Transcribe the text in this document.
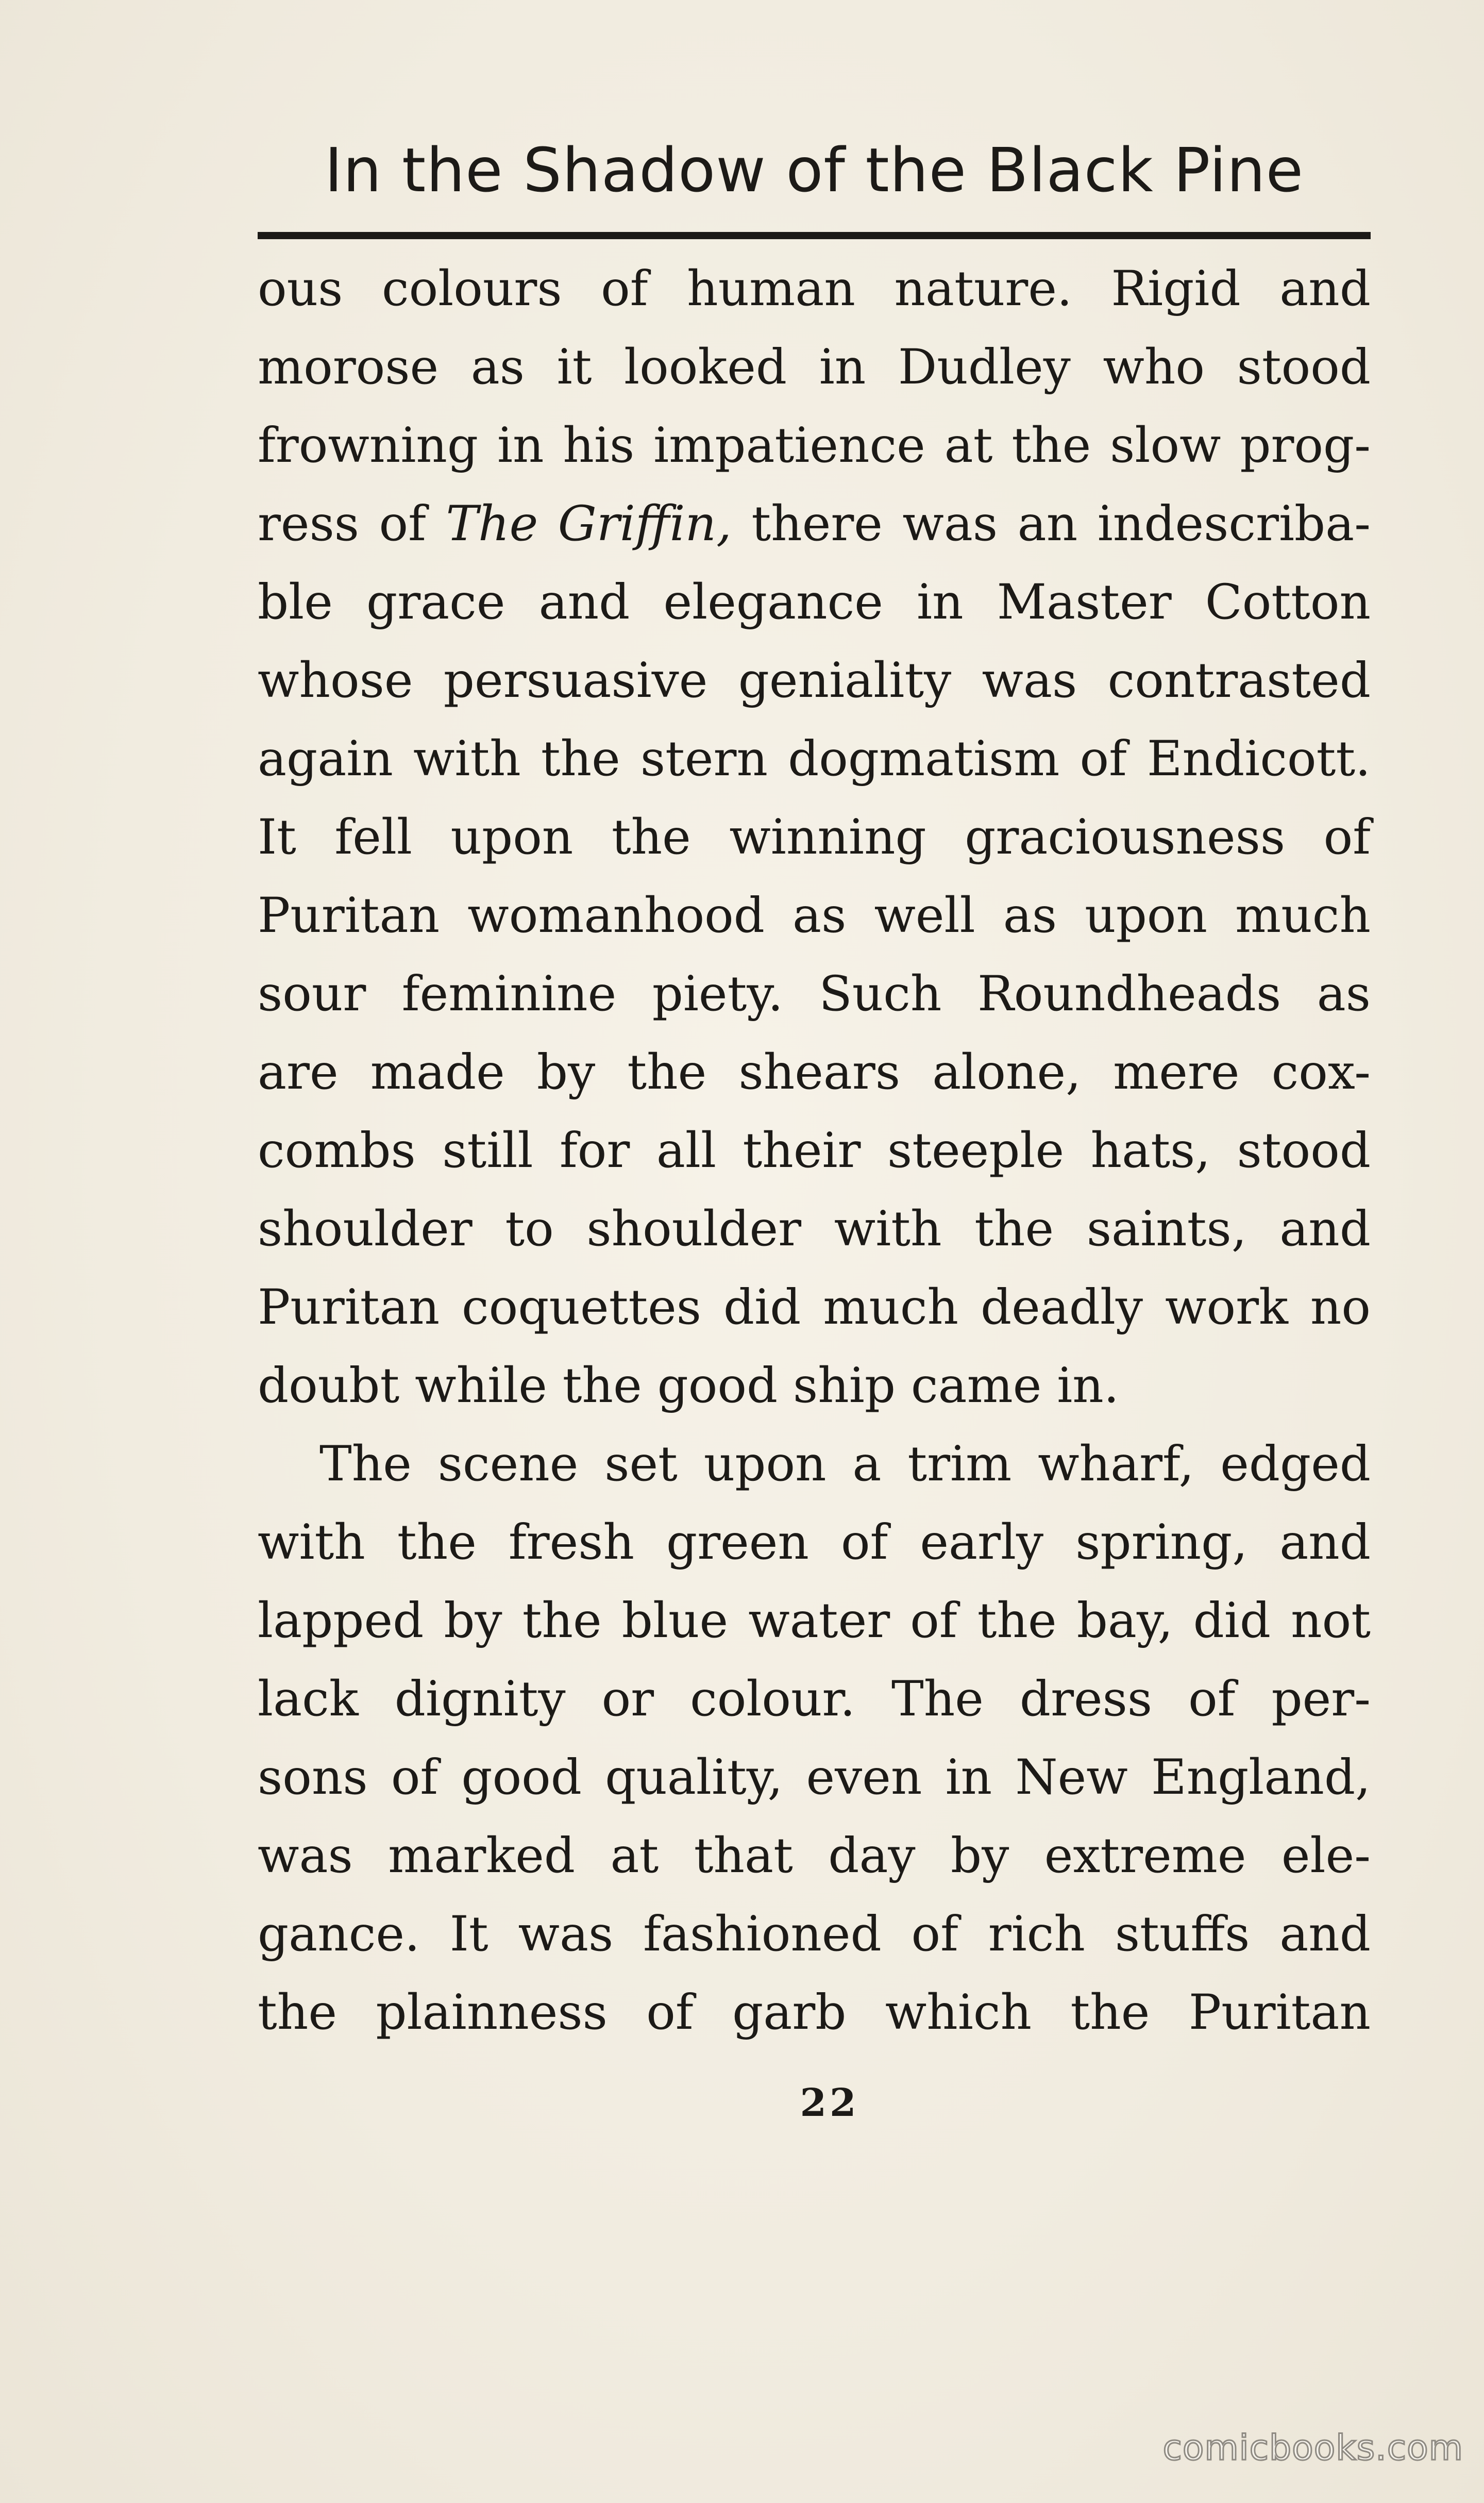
In the Shadow of the Black Pine
ous colours of human nature. Rigid and
morose as it looked in Dudley who stood
frowning in his impatience at the slow prog-
ress of The Griffin, there was an indescriba-
ble grace and elegance in Master Cotton
whose persuasive geniality was contrasted
again with the stern dogmatism of Endicott.
It fell upon the winning graciousness of
Puritan womanhood as well as upon much
sour feminine piety. Such Roundheads as
are made by the shears alone, mere cox-
combs still for all their steeple hats, stood
shoulder to shoulder with the saints, and
Puritan coquettes did much deadly work no
doubt while the good ship came in.
The scene set upon a trim wharf, edged
with the fresh green of early spring, and
lapped by the blue water of the bay, did not
lack dignity or colour. The dress of per-
sons of good quality, even in New England,
was marked at that day by extreme ele-
gance. It was fashioned of rich stuffs and
the plainness of garb which the Puritan
22
comicbooks.com
